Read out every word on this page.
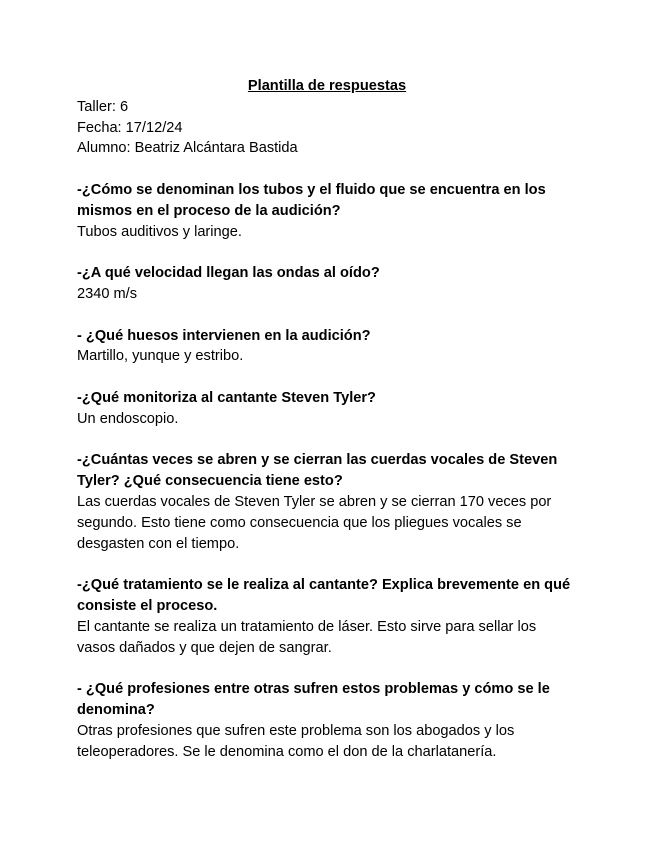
Plantilla de respuestas

Taller: 6

Fecha: 17/12/24

Alumno: Beatriz Alcántara Bastida

-¿Cómo se denominan los tubos y el fluido que se encuentra en los mismos en el proceso de la audición?

Tubos auditivos y laringe.

-¿A qué velocidad llegan las ondas al oído?

2340 m/s

- ¿Qué huesos intervienen en la audición?

Martillo, yunque y estribo.

-¿Qué monitoriza al cantante Steven Tyler?

Un endoscopio.

-¿Cuántas veces se abren y se cierran las cuerdas vocales de Steven Tyler? ¿Qué consecuencia tiene esto?

Las cuerdas vocales de Steven Tyler se abren y se cierran 170 veces por segundo. Esto tiene como consecuencia que los pliegues vocales se desgasten con el tiempo.

-¿Qué tratamiento se le realiza al cantante? Explica brevemente en qué consiste el proceso.

El cantante se realiza un tratamiento de láser. Esto sirve para sellar los vasos dañados y que dejen de sangrar.

- ¿Qué profesiones entre otras sufren estos problemas y cómo se le denomina?

Otras profesiones que sufren este problema son los abogados y los teleoperadores. Se le denomina como el don de la charlatanería.
